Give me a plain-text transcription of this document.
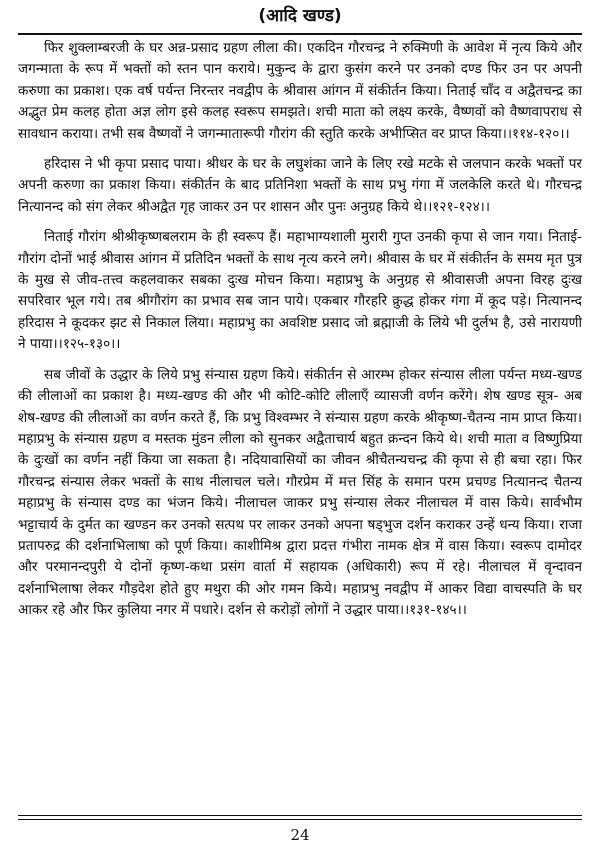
(आदि खण्ड)

फिर शुक्लाम्बरजी के घर अन्न-प्रसाद ग्रहण लीला की। एकदिन गौरचन्द्र ने रुक्मिणी के आवेश में नृत्य किये और जगन्माता के रूप में भक्तों को स्तन पान कराये। मुकुन्द के द्वारा कुसंग करने पर उनको दण्ड फिर उन पर अपनी करुणा का प्रकाश। एक वर्ष पर्यन्त निरन्तर नवद्वीप के श्रीवास आंगन में संकीर्तन किया। निताई चाँद व अद्वैतचन्द्र का अद्भुत प्रेम कलह होता अज्ञ लोग इसे कलह स्वरूप समझते। शची माता को लक्ष्य करके, वैष्णवों को वैष्णवापराध से सावधान कराया। तभी सब वैष्णवों ने जगन्मातारूपी गौरांग की स्तुति करके अभीप्सित वर प्राप्त किया।।११४-१२०।।

हरिदास ने भी कृपा प्रसाद पाया। श्रीधर के घर के लघुशंका जाने के लिए रखे मटके से जलपान करके भक्तों पर अपनी करुणा का प्रकाश किया। संकीर्तन के बाद प्रतिनिशा भक्तों के साथ प्रभु गंगा में जलकेलि करते थे। गौरचन्द्र नित्यानन्द को संग लेकर श्रीअद्वैत गृह जाकर उन पर शासन और पुनः अनुग्रह किये थे।।१२१-१२४।।

निताई गौरांग श्रीश्रीकृष्णबलराम के ही स्वरूप हैं। महाभाग्यशाली मुरारी गुप्त उनकी कृपा से जान गया। निताई-गौरांग दोनों भाई श्रीवास आंगन में प्रतिदिन भक्तों के साथ नृत्य करने लगे। श्रीवास के घर में संकीर्तन के समय मृत पुत्र के मुख से जीव-तत्त्व कहलवाकर सबका दुःख मोचन किया। महाप्रभु के अनुग्रह से श्रीवासजी अपना विरह दुःख सपरिवार भूल गये। तब श्रीगौरांग का प्रभाव सब जान पाये। एकबार गौरहरि क्रुद्ध होकर गंगा में कूद पड़े। नित्यानन्द हरिदास ने कूदकर झट से निकाल लिया। महाप्रभु का अवशिष्ट प्रसाद जो ब्रह्माजी के लिये भी दुर्लभ है, उसे नारायणी ने पाया।।१२५-१३०।।

सब जीवों के उद्धार के लिये प्रभु संन्यास ग्रहण किये। संकीर्तन से आरम्भ होकर संन्यास लीला पर्यन्त मध्य-खण्ड की लीलाओं का प्रकाश है। मध्य-खण्ड की और भी कोटि-कोटि लीलाएँ व्यासजी वर्णन करेंगे। शेष खण्ड सूत्र- अब शेष-खण्ड की लीलाओं का वर्णन करते हैं, कि प्रभु विश्वम्भर ने संन्यास ग्रहण करके श्रीकृष्ण-चैतन्य नाम प्राप्त किया। महाप्रभु के संन्यास ग्रहण व मस्तक मुंडन लीला को सुनकर अद्वैताचार्य बहुत क्रन्दन किये थे। शची माता व विष्णुप्रिया के दुःखों का वर्णन नहीं किया जा सकता है। नदियावासियों का जीवन श्रीचैतन्यचन्द्र की कृपा से ही बचा रहा। फिर गौरचन्द्र संन्यास लेकर भक्तों के साथ नीलाचल चले। गौरप्रेम में मत्त सिंह के समान परम प्रचण्ड नित्यानन्द चैतन्य महाप्रभु के संन्यास दण्ड का भंजन किये। नीलाचल जाकर प्रभु संन्यास लेकर नीलाचल में वास किये। सार्वभौम भट्टाचार्य के दुर्मत का खण्डन कर उनको सत्पथ पर लाकर उनको अपना षड्भुज दर्शन कराकर उन्हें धन्य किया। राजा प्रतापरुद्र की दर्शनाभिलाषा को पूर्ण किया। काशीमिश्र द्वारा प्रदत्त गंभीरा नामक क्षेत्र में वास किया। स्वरूप दामोदर और परमानन्दपुरी ये दोनों कृष्ण-कथा प्रसंग वार्ता में सहायक (अधिकारी) रूप में रहे। नीलाचल में वृन्दावन दर्शनाभिलाषा लेकर गौड़देश होते हुए मथुरा की ओर गमन किये। महाप्रभु नवद्वीप में आकर विद्या वाचस्पति के घर आकर रहे और फिर कुलिया नगर में पधारे। दर्शन से करोड़ों लोगों ने उद्धार पाया।।१३१-१४५।।

24
